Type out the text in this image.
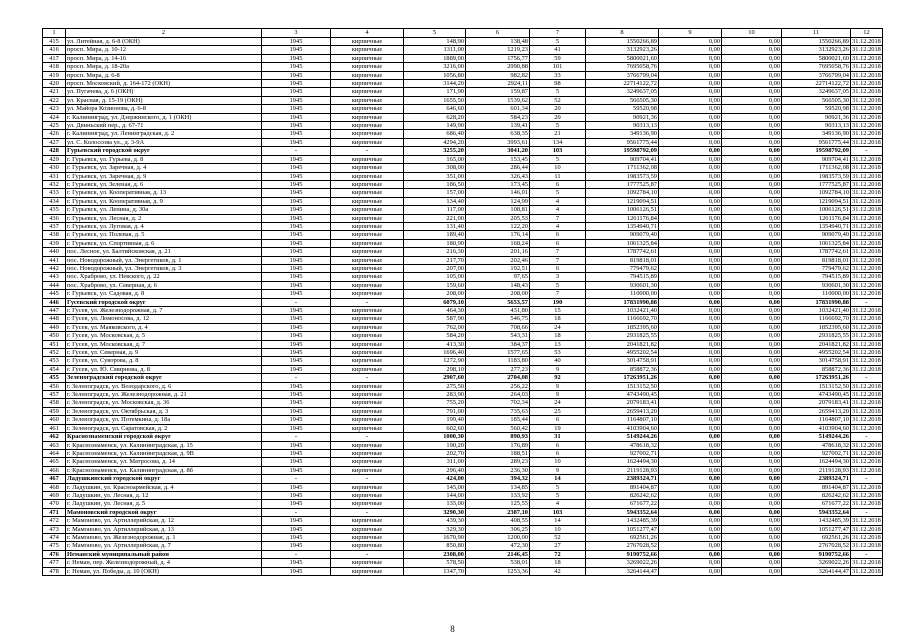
1	2	3	4	5	6	7	8	9	10	11	12
415	ул. Литейная, д. 6-8 (ОКН)	1945	кирпичные	148,90	138,48	5	1550266,89	0,00	0,00	1550266,89	31.12.2018
416	просп. Мира, д. 10-12	1945	кирпичные	1311,00	1219,23	41	3132923,26	0,00	0,00	3132923,26	31.12.2018
417	просп. Мира, д. 14-16	1945	кирпичные	1889,00	1756,77	59	5800021,60	0,00	0,00	5800021,60	31.12.2018
418	просп. Мира, д. 18-20а	1945	кирпичные	3216,00	2990,88	101	7695058,76	0,00	0,00	7695058,76	31.12.2018
419	просп. Мира, д. 6-8	1945	кирпичные	1056,80	982,82	33	3766799,04	0,00	0,00	3766799,04	31.12.2018
420	просп. Московский, д. 164-172 (ОКН)	1945	кирпичные	3144,20	2924,11	98	22714122,72	0,00	0,00	22714122,72	31.12.2018
421	ул. Пугачева, д. 6 (ОКН)	1945	кирпичные	171,90	159,87	5	3249637,05	0,00	0,00	3249637,05	31.12.2018
422	ул. Красная, д. 15-19 (ОКН)	1945	кирпичные	1655,50	1539,62	52	566505,30	0,00	0,00	566505,30	31.12.2018
423	ул. Майора Козионова, д. 6-8	1945	кирпичные	646,60	601,34	20	59520,98	0,00	0,00	59520,98	31.12.2018
424	г. Калининград, ул. Дзержинского, д. 1 (ОКН)	1945	кирпичные	628,20	584,23	20	90921,36	0,00	0,00	90921,36	31.12.2018
425	ул. Двиньский пер., д. 67-71	1945	кирпичные	149,90	139,41	5	90313,13	0,00	0,00	90313,13	31.12.2018
426	г. Калининград, ул. Ленинградская, д. 2	1945	кирпичные	686,40	638,35	21	349136,90	0,00	0,00	349136,90	31.12.2018
427	ул. С. Колоссова ул., д. 3-9А	1945	кирпичные	4294,20	3993,61	134	9561775,44	0,00	0,00	9561775,44	31.12.2018
428	Гурьевский городской округ	-	-	3255,20	3041,20	103	19598792,09	0,00	0,00	19598792,09	-
429	г. Гурьевск, ул. Гурьева, д. 8	1945	кирпичные	165,00	153,45	5	909704,41	0,00	0,00	909704,41	31.12.2018
430	г. Гурьевск, ул. Заречная, д. 4	1945	кирпичные	308,00	286,44	10	1711362,08	0,00	0,00	1711362,08	31.12.2018
431	г. Гурьевск, ул. Заречная, д. 9	1945	кирпичные	351,00	326,43	11	1983573,59	0,00	0,00	1983573,59	31.12.2018
432	г. Гурьевск, ул. Зеленая, д. 6	1945	кирпичные	186,50	173,45	6	1777525,87	0,00	0,00	1777525,87	31.12.2018
433	г. Гурьевск, ул. Кооперативная, д. 13	1945	кирпичные	157,00	146,01	5	1092784,10	0,00	0,00	1092784,10	31.12.2018
434	г. Гурьевск, ул. Кооперативная, д. 9	1945	кирпичные	134,40	124,99	4	1219094,51	0,00	0,00	1219094,51	31.12.2018
435	г. Гурьевск, ул. Ленина, д. 30а	1945	кирпичные	117,00	108,81	4	1006126,51	0,00	0,00	1006126,51	31.12.2018
436	г. Гурьевск, ул. Лесная, д. 2	1945	кирпичные	221,00	205,53	7	1261176,84	0,00	0,00	1261176,84	31.12.2018
437	г. Гурьевск, ул. Луговая, д. 4	1945	кирпичные	131,40	122,20	4	1354940,71	0,00	0,00	1354940,71	31.12.2018
438	г. Гурьевск, ул. Полевая, д. 5	1945	кирпичные	189,40	176,14	6	909079,40	0,00	0,00	909079,40	31.12.2018
439	г. Гурьевск, ул. Спортивная, д. 6	1945	кирпичные	180,90	168,24	6	1061325,84	0,00	0,00	1061325,84	31.12.2018
440	пос. Лесное, ул. Балтийсковская, д. 21	1945	кирпичные	216,30	201,16	7	1787742,61	0,00	0,00	1787742,61	31.12.2018
441	пос. Новодорожный, ул. Энергетиков, д. 1	1945	кирпичные	217,70	202,46	7	819818,01	0,00	0,00	819818,01	31.12.2018
442	пос. Новодорожный, ул. Энергетиков, д. 3	1945	кирпичные	207,00	192,51	6	779479,62	0,00	0,00	779479,62	31.12.2018
443	пос. Храброво, ул. Невского, д. 22	1945	кирпичные	105,00	97,65	3	794515,89	0,00	0,00	794515,89	31.12.2018
444	пос. Храброво, ул. Северная, д. 6	1945	кирпичные	159,60	148,43	5	930601,30	0,00	0,00	930601,30	31.12.2018
445	г. Гурьевск, ул. Садовая, д. 8	1945	кирпичные	208,00	208,00	7	110000,00	0,00	0,00	110000,00	31.12.2018
446	Гусевский городской округ	-	-	6079,10	5653,57	190	17831990,88	0,00	0,00	17831990,88	-
447	г. Гусев, ул. Железнодорожная, д. 7	1945	кирпичные	464,30	431,80	15	1032421,40	0,00	0,00	1032421,40	31.12.2018
448	г. Гусев, ул. Ломоносова, д. 12	1945	кирпичные	587,90	546,75	18	1166692,70	0,00	0,00	1166692,70	31.12.2018
449	г. Гусев, ул. Маяковского, д. 4	1945	кирпичные	762,00	708,66	24	1852395,60	0,00	0,00	1852395,60	31.12.2018
450	г. Гусев, ул. Московская, д. 5	1945	кирпичные	584,20	543,31	18	2931825,55	0,00	0,00	2931825,55	31.12.2018
451	г. Гусев, ул. Московская, д. 7	1945	кирпичные	413,30	384,37	13	2041821,82	0,00	0,00	2041821,82	31.12.2018
452	г. Гусев, ул. Северная, д. 9	1945	кирпичные	1696,40	1577,65	53	4955202,54	0,00	0,00	4955202,54	31.12.2018
453	г. Гусев, ул. Суворова, д. 8	1945	кирпичные	1272,90	1183,80	40	3014758,91	0,00	0,00	3014758,91	31.12.2018
454	г. Гусев, ул. Ю. Смирнова, д. 8	1945	кирпичные	298,10	277,23	9	858872,36	0,00	0,00	858872,36	31.12.2018
455	Зеленоградский городской округ	-	-	2907,60	2704,08	92	17263951,26	0,00	0,00	17263951,26	-
456	г. Зеленоградск, ул. Володарского, д. 6	1945	кирпичные	275,50	256,22	9	1513152,50	0,00	0,00	1513152,50	31.12.2018
457	г. Зеленоградск, ул. Железнодорожная, д. 21	1945	кирпичные	283,90	264,03	9	4743490,45	0,00	0,00	4743490,45	31.12.2018
458	г. Зеленоградск, ул. Московская, д. 36	1945	кирпичные	755,20	702,34	24	2079183,41	0,00	0,00	2079183,41	31.12.2018
459	г. Зеленоградск, ул. Октябрьская, д. 3	1945	кирпичные	791,00	735,63	25	2659413,20	0,00	0,00	2659413,20	31.12.2018
460	г. Зеленоградск, ул. Потемкина, д. 18а	1945	кирпичные	199,40	185,44	6	1164807,10	0,00	0,00	1164807,10	31.12.2018
461	г. Зеленоградск, ул. Саратовская, д. 2	1945	кирпичные	602,60	560,42	19	4103904,60	0,00	0,00	4103904,60	31.12.2018
462	Краснознаменский городской округ	-	-	1000,30	890,93	31	5149244,26	0,00	0,00	5149244,26	-
463	г. Краснознаменск, ул. Калининградская, д. 15	1945	кирпичные	190,20	176,89	6	478618,32	0,00	0,00	478618,32	31.12.2018
464	г. Краснознаменск, ул. Калининградская, д. 9В	1945	кирпичные	202,70	188,51	6	927002,71	0,00	0,00	927002,71	31.12.2018
465	г. Краснознаменск, ул. Матросова, д. 14	1945	кирпичные	311,00	289,23	10	1624494,30	0,00	0,00	1624494,30	31.12.2018
466	г. Краснознаменск, ул. Калининградская, д. 8б	1945	кирпичные	296,40	236,30	9	2119128,93	0,00	0,00	2119128,93	31.12.2018
467	Ладушкинский городской округ	-	-	424,00	394,32	14	2389324,71	0,00	0,00	2389324,71	-
468	г. Ладушкин, ул. Красноармейская, д. 4	1945	кирпичные	145,00	134,85	5	891404,87	0,00	0,00	891404,87	31.12.2018
469	г. Ладушкин, ул. Лесная, д. 12	1945	кирпичные	144,00	133,92	5	826242,62	0,00	0,00	826242,62	31.12.2018
470	г. Ладушкин, ул. Лесная, д. 5	1945	кирпичные	135,00	125,55	4	671677,22	0,00	0,00	671677,22	31.12.2018
471	Мамоновский городской округ	-	-	3290,30	2387,10	103	5943352,64	0,00	0,00	5943352,64	-
472	г. Мамоново, ул. Артиллерийская, д. 12	1945	кирпичные	439,30	408,55	14	1432485,39	0,00	0,00	1432485,39	31.12.2018
473	г. Мамоново, ул. Артиллерийская, д. 13	1945	кирпичные	329,30	306,25	10	1051277,47	0,00	0,00	1051277,47	31.12.2018
474	г. Мамоново, ул. Железнодорожная, д. 1	1945	кирпичные	1670,90	1200,00	52	692561,26	0,00	0,00	692561,26	31.12.2018
475	г. Мамоново, ул. Артиллерийская, д. 7	1945	кирпичные	850,80	472,30	27	2767028,52	0,00	0,00	2767028,52	31.12.2018
476	Неманский муниципальный район	-	-	2308,00	2146,45	72	9190752,66	0,00	0,00	9190752,66	-
477	г. Неман, пер. Железнодорожный, д. 4	1945	кирпичные	578,50	538,01	18	3269022,26	0,00	0,00	3269022,26	31.12.2018
478	г. Неман, ул. Победы, д. 10 (ОКН)	1945	кирпичные	1347,70	1253,36	42	3264144,47	0,00	0,00	3264144,47	31.12.2018
8
